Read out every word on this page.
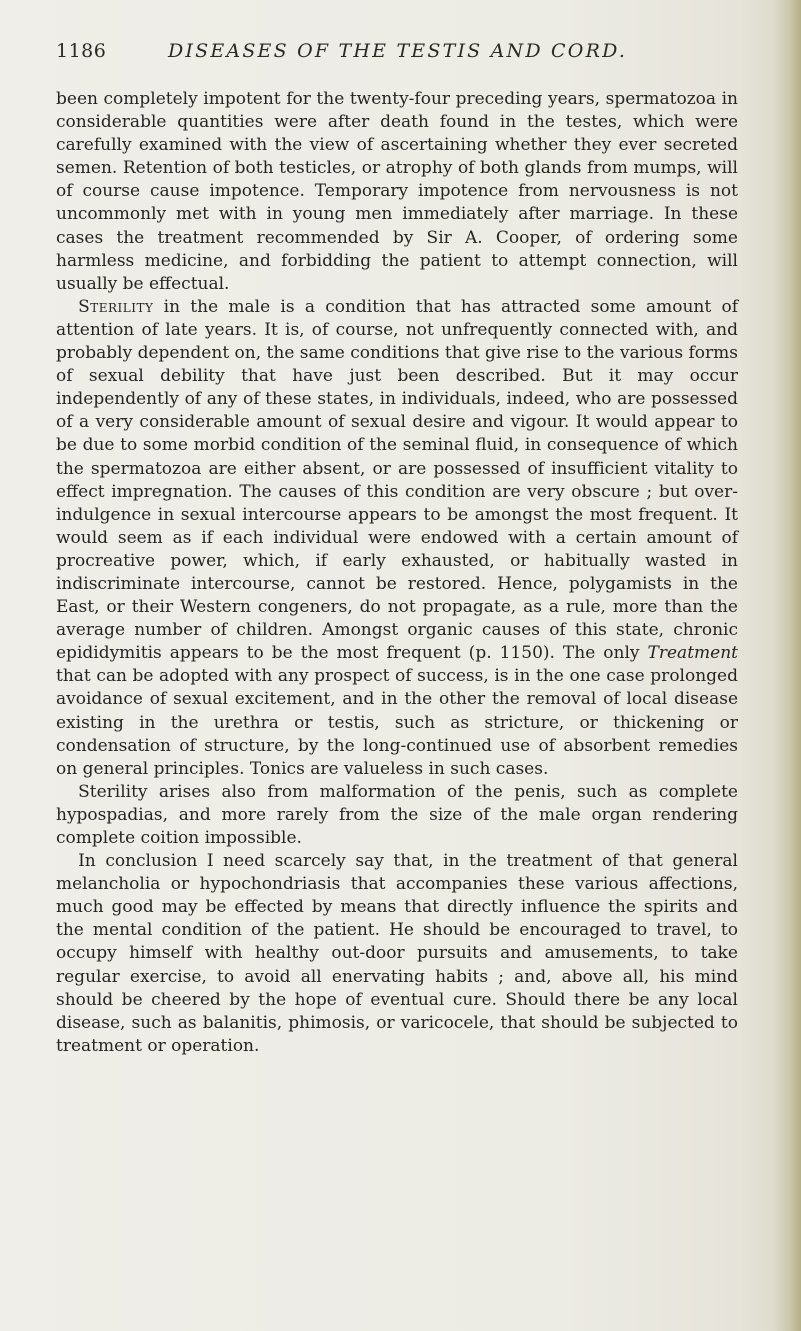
1186	DISEASES OF THE TESTIS AND CORD.

been completely impotent for the twenty-four preceding years, spermatozoa in considerable quantities were after death found in the testes, which were carefully examined with the view of ascertaining whether they ever secreted semen. Retention of both testicles, or atrophy of both glands from mumps, will of course cause impotence. Temporary impotence from nervousness is not uncommonly met with in young men immediately after marriage. In these cases the treatment recommended by Sir A. Cooper, of ordering some harmless medicine, and forbidding the patient to attempt connection, will usually be effectual.

Sterility in the male is a condition that has attracted some amount of attention of late years. It is, of course, not unfrequently connected with, and probably dependent on, the same conditions that give rise to the various forms of sexual debility that have just been described. But it may occur independently of any of these states, in individuals, indeed, who are possessed of a very considerable amount of sexual desire and vigour. It would appear to be due to some morbid condition of the seminal fluid, in consequence of which the spermatozoa are either absent, or are possessed of insufficient vitality to effect impregnation. The causes of this condition are very obscure ; but over-indulgence in sexual intercourse appears to be amongst the most frequent. It would seem as if each individual were endowed with a certain amount of procreative power, which, if early exhausted, or habitually wasted in indiscriminate intercourse, cannot be restored. Hence, polygamists in the East, or their Western congeners, do not propagate, as a rule, more than the average number of children. Amongst organic causes of this state, chronic epididymitis appears to be the most frequent (p. 1150). The only Treatment that can be adopted with any prospect of success, is in the one case prolonged avoidance of sexual excitement, and in the other the removal of local disease existing in the urethra or testis, such as stricture, or thickening or condensation of structure, by the long-continued use of absorbent remedies on general principles. Tonics are valueless in such cases.

Sterility arises also from malformation of the penis, such as complete hypospadias, and more rarely from the size of the male organ rendering complete coition impossible.

In conclusion I need scarcely say that, in the treatment of that general melancholia or hypochondriasis that accompanies these various affections, much good may be effected by means that directly influence the spirits and the mental condition of the patient. He should be encouraged to travel, to occupy himself with healthy out-door pursuits and amusements, to take regular exercise, to avoid all enervating habits ; and, above all, his mind should be cheered by the hope of eventual cure. Should there be any local disease, such as balanitis, phimosis, or varicocele, that should be subjected to treatment or operation.
